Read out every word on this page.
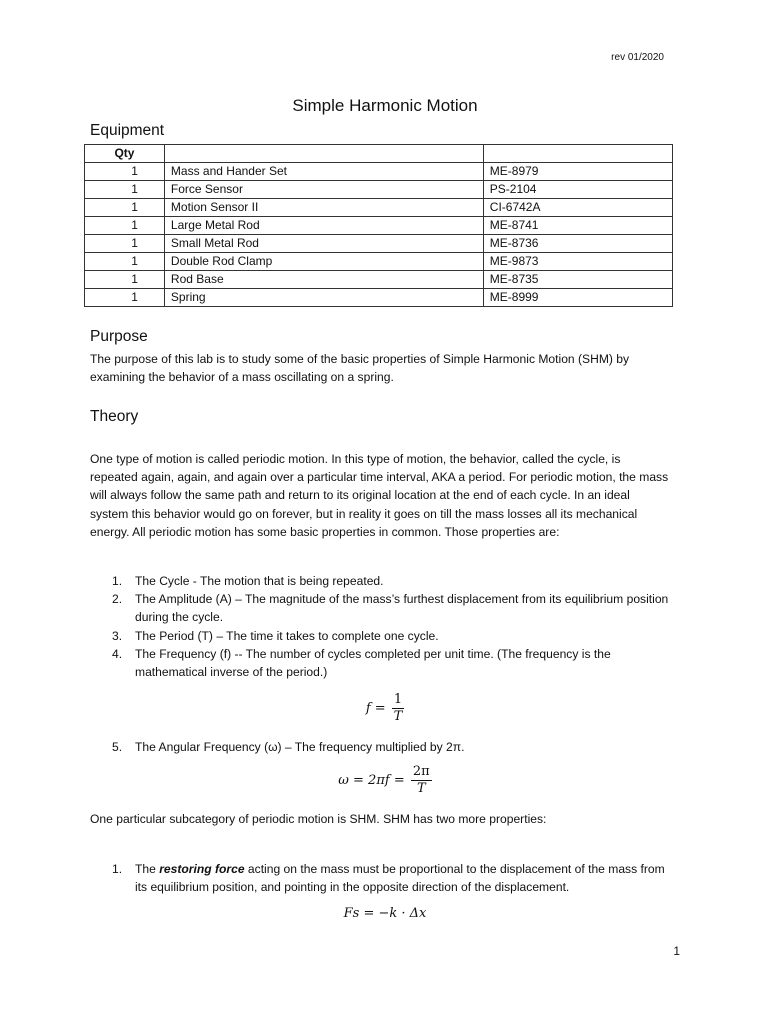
rev 01/2020
Simple Harmonic Motion
Equipment
Qty		
1	Mass and Hander Set	ME-8979
1	Force Sensor	PS-2104
1	Motion Sensor II	CI-6742A
1	Large Metal Rod	ME-8741
1	Small Metal Rod	ME-8736
1	Double Rod Clamp	ME-9873
1	Rod Base	ME-8735
1	Spring	ME-8999
Purpose
The purpose of this lab is to study some of the basic properties of Simple Harmonic Motion (SHM) by examining the behavior of a mass oscillating on a spring.
Theory
One type of motion is called periodic motion. In this type of motion, the behavior, called the cycle, is repeated again, again, and again over a particular time interval, AKA a period. For periodic motion, the mass will always follow the same path and return to its original location at the end of each cycle. In an ideal system this behavior would go on forever, but in reality it goes on till the mass losses all its mechanical energy. All periodic motion has some basic properties in common. Those properties are:
1. The Cycle - The motion that is being repeated.
2. The Amplitude (A) – The magnitude of the mass’s furthest displacement from its equilibrium position during the cycle.
3. The Period (T) – The time it takes to complete one cycle.
4. The Frequency (f) -- The number of cycles completed per unit time. (The frequency is the mathematical inverse of the period.)
$f = \frac{1}{T}$
5. The Angular Frequency (ω) – The frequency multiplied by 2π.
$\omega = 2\pi f = \frac{2\pi}{T}$
One particular subcategory of periodic motion is SHM. SHM has two more properties:
1. The restoring force acting on the mass must be proportional to the displacement of the mass from its equilibrium position, and pointing in the opposite direction of the displacement.
Fs = −k · Δx
1
